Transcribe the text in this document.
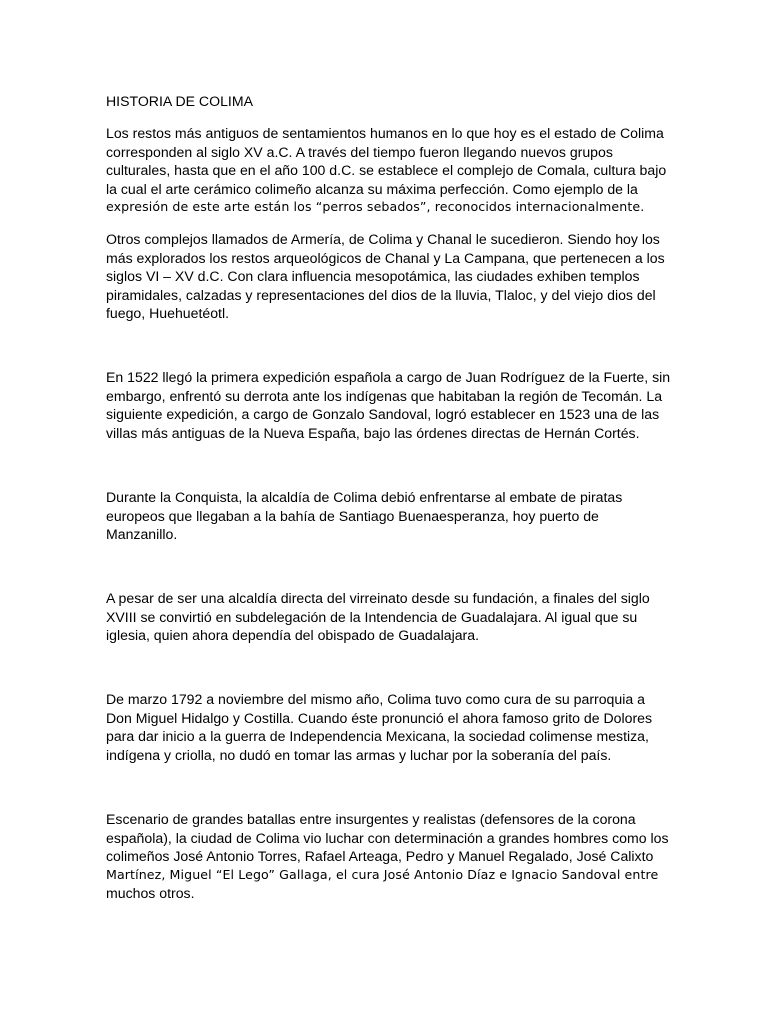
HISTORIA DE COLIMA

Los restos más antiguos de sentamientos humanos en lo que hoy es el estado de Colima
corresponden al siglo XV a.C. A través del tiempo fueron llegando nuevos grupos
culturales, hasta que en el año 100 d.C. se establece el complejo de Comala, cultura bajo
la cual el arte cerámico colimeño alcanza su máxima perfección. Como ejemplo de la
expresión de este arte están los “perros sebados”, reconocidos internacionalmente.

Otros complejos llamados de Armería, de Colima y Chanal le sucedieron. Siendo hoy los
más explorados los restos arqueológicos de Chanal y La Campana, que pertenecen a los
siglos VI – XV d.C. Con clara influencia mesopotámica, las ciudades exhiben templos
piramidales, calzadas y representaciones del dios de la lluvia, Tlaloc, y del viejo dios del
fuego, Huehuetéotl.

En 1522 llegó la primera expedición española a cargo de Juan Rodríguez de la Fuerte, sin
embargo, enfrentó su derrota ante los indígenas que habitaban la región de Tecomán. La
siguiente expedición, a cargo de Gonzalo Sandoval, logró establecer en 1523 una de las
villas más antiguas de la Nueva España, bajo las órdenes directas de Hernán Cortés.

Durante la Conquista, la alcaldía de Colima debió enfrentarse al embate de piratas
europeos que llegaban a la bahía de Santiago Buenaesperanza, hoy puerto de
Manzanillo.

A pesar de ser una alcaldía directa del virreinato desde su fundación, a finales del siglo
XVIII se convirtió en subdelegación de la Intendencia de Guadalajara. Al igual que su
iglesia, quien ahora dependía del obispado de Guadalajara.

De marzo 1792 a noviembre del mismo año, Colima tuvo como cura de su parroquia a
Don Miguel Hidalgo y Costilla. Cuando éste pronunció el ahora famoso grito de Dolores
para dar inicio a la guerra de Independencia Mexicana, la sociedad colimense mestiza,
indígena y criolla, no dudó en tomar las armas y luchar por la soberanía del país.

Escenario de grandes batallas entre insurgentes y realistas (defensores de la corona
española), la ciudad de Colima vio luchar con determinación a grandes hombres como los
colimeños José Antonio Torres, Rafael Arteaga, Pedro y Manuel Regalado, José Calixto
Martínez, Miguel “El Lego” Gallaga, el cura José Antonio Díaz e Ignacio Sandoval entre
muchos otros.
